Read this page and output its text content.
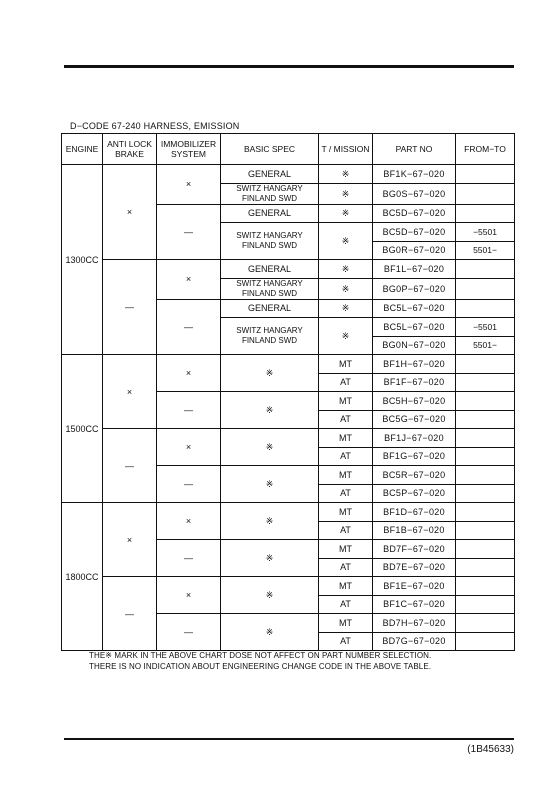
D−CODE 67-240 HARNESS, EMISSION
ENGINE	ANTI LOCK BRAKE	IMMOBILIZER SYSTEM	BASIC SPEC	T / MISSION	PART NO	FROM−TO
1300CC	×	×	GENERAL	※	BF1K−67−020	
			SWITZ HANGARY FINLAND SWD	※	BG0S−67−020	
		—	GENERAL	※	BC5D−67−020	
			SWITZ HANGARY FINLAND SWD	※	BC5D−67−020	−5501
					BG0R−67−020	5501−
	—	×	GENERAL	※	BF1L−67−020	
			SWITZ HANGARY FINLAND SWD	※	BG0P−67−020	
		—	GENERAL	※	BC5L−67−020	
			SWITZ HANGARY FINLAND SWD	※	BC5L−67−020	−5501
					BG0N−67−020	5501−
1500CC	×	×	※	MT	BF1H−67−020	
				AT	BF1F−67−020	
		—	※	MT	BC5H−67−020	
				AT	BC5G−67−020	
	—	×	※	MT	BF1J−67−020	
				AT	BF1G−67−020	
		—	※	MT	BC5R−67−020	
				AT	BC5P−67−020	
1800CC	×	×	※	MT	BF1D−67−020	
				AT	BF1B−67−020	
		—	※	MT	BD7F−67−020	
				AT	BD7E−67−020	
	—	×	※	MT	BF1E−67−020	
				AT	BF1C−67−020	
		—	※	MT	BD7H−67−020	
				AT	BD7G−67−020	
THE※ MARK IN THE ABOVE CHART DOSE NOT AFFECT ON PART NUMBER SELECTION.
THERE IS NO INDICATION ABOUT ENGINEERING CHANGE CODE IN THE ABOVE TABLE.
(1B45633)
